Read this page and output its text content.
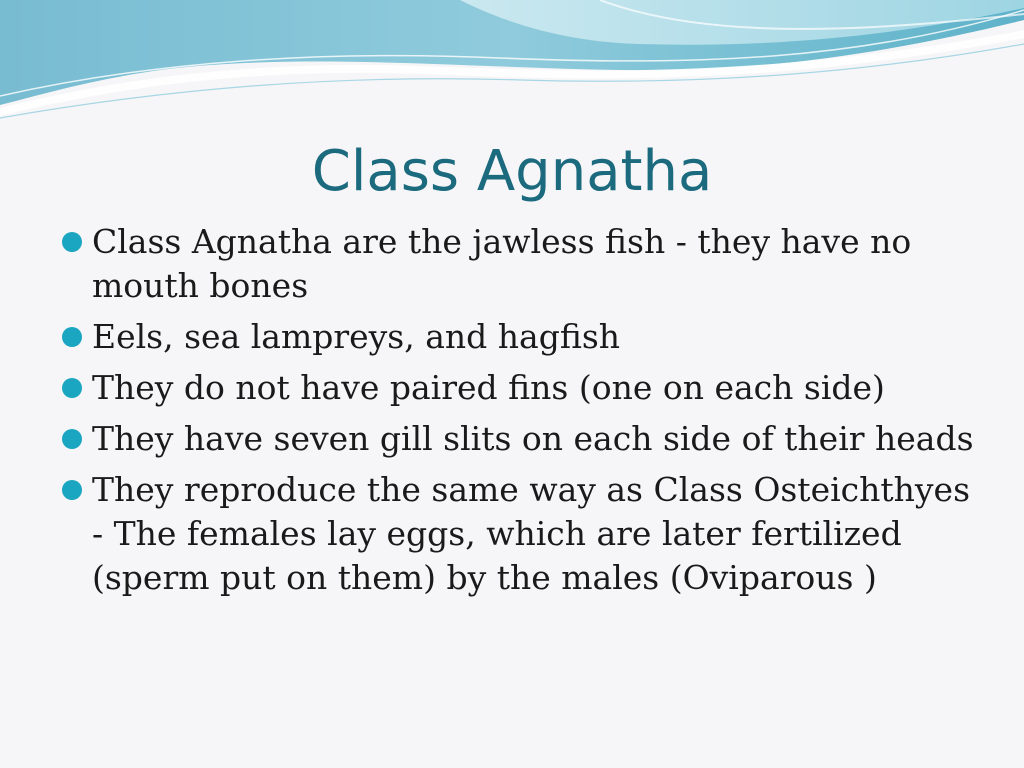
Class Agnatha
Class Agnatha are the jawless fish - they have no mouth bones
Eels, sea lampreys, and hagfish
They do not have paired fins (one on each side)
They have seven gill slits on each side of their heads
They reproduce the same way as Class Osteichthyes - The females lay eggs, which are later fertilized (sperm put on them) by the males (Oviparous )
